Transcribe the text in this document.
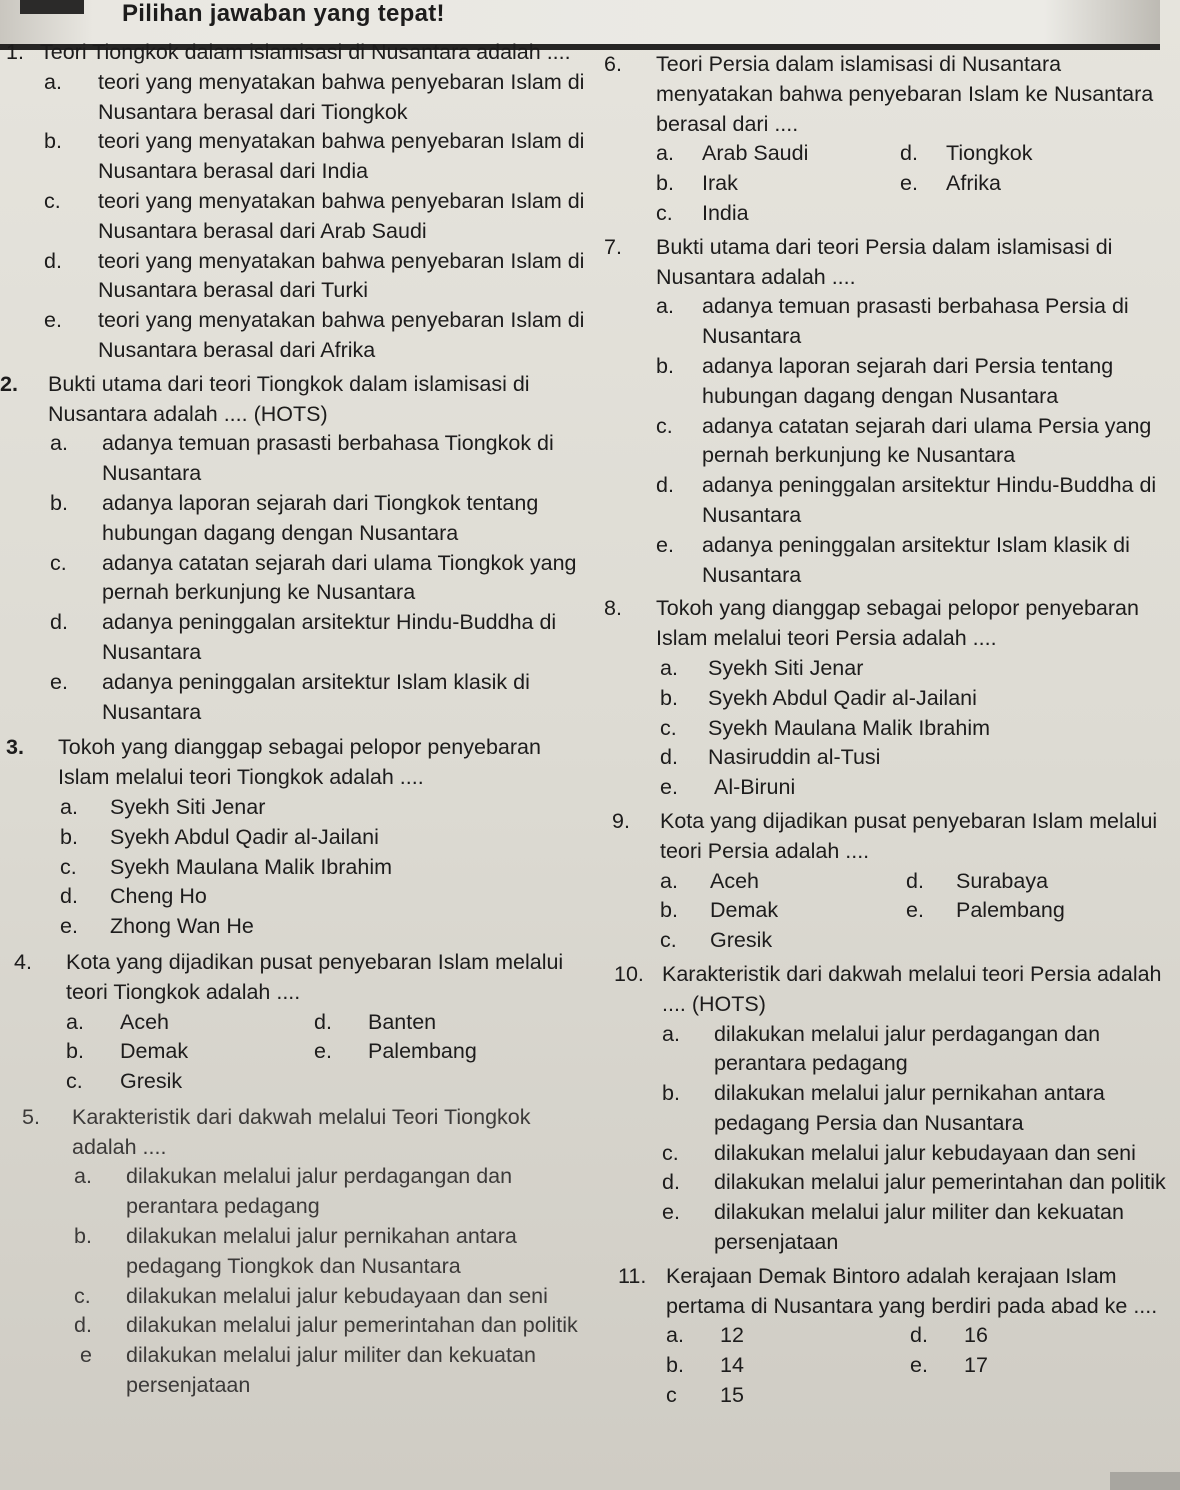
Pilihan jawaban yang tepat!
1. Teori Tiongkok dalam islamisasi di Nusantara adalah ....
a. teori yang menyatakan bahwa penyebaran Islam di Nusantara berasal dari Tiongkok
b. teori yang menyatakan bahwa penyebaran Islam di Nusantara berasal dari India
c. teori yang menyatakan bahwa penyebaran Islam di Nusantara berasal dari Arab Saudi
d. teori yang menyatakan bahwa penyebaran Islam di Nusantara berasal dari Turki
e. teori yang menyatakan bahwa penyebaran Islam di Nusantara berasal dari Afrika
2.	Bukti utama dari teori Tiongkok dalam islamisasi di Nusantara adalah .... (HOTS)
a. adanya temuan prasasti berbahasa Tiongkok di Nusantara
b. adanya laporan sejarah dari Tiongkok tentang hubungan dagang dengan Nusantara
c. adanya catatan sejarah dari ulama Tiongkok yang pernah berkunjung ke Nusantara
d. adanya peninggalan arsitektur Hindu-Buddha di Nusantara
e. adanya peninggalan arsitektur Islam klasik di Nusantara
3.	Tokoh yang dianggap sebagai pelopor penyebaran Islam melalui teori Tiongkok adalah ....
a. Syekh Siti Jenar
b. Syekh Abdul Qadir al-Jailani
c. Syekh Maulana Malik Ibrahim
d. Cheng Ho
e. Zhong Wan He
4.	Kota yang dijadikan pusat penyebaran Islam melalui teori Tiongkok adalah ....
a. Aceh	d. Banten
b. Demak	e. Palembang
c. Gresik
5.	Karakteristik dari dakwah melalui Teori Tiongkok adalah ....
a. dilakukan melalui jalur perdagangan dan perantara pedagang
b. dilakukan melalui jalur pernikahan antara pedagang Tiongkok dan Nusantara
c. dilakukan melalui jalur kebudayaan dan seni
d. dilakukan melalui jalur pemerintahan dan politik
e dilakukan melalui jalur militer dan kekuatan persenjataan
6.	Teori Persia dalam islamisasi di Nusantara menyatakan bahwa penyebaran Islam ke Nusantara berasal dari ....
a. Arab Saudi	d. Tiongkok
b. Irak	e. Afrika
c. India
7.	Bukti utama dari teori Persia dalam islamisasi di Nusantara adalah ....
a. adanya temuan prasasti berbahasa Persia di Nusantara
b. adanya laporan sejarah dari Persia tentang hubungan dagang dengan Nusantara
c. adanya catatan sejarah dari ulama Persia yang pernah berkunjung ke Nusantara
d. adanya peninggalan arsitektur Hindu-Buddha di Nusantara
e. adanya peninggalan arsitektur Islam klasik di Nusantara
8.	Tokoh yang dianggap sebagai pelopor penyebaran Islam melalui teori Persia adalah ....
a. Syekh Siti Jenar
b. Syekh Abdul Qadir al-Jailani
c. Syekh Maulana Malik Ibrahim
d. Nasiruddin al-Tusi
e. Al-Biruni
9.	Kota yang dijadikan pusat penyebaran Islam melalui teori Persia adalah ....
a. Aceh	d. Surabaya
b. Demak	e. Palembang
c. Gresik
10. Karakteristik dari dakwah melalui teori Persia adalah .... (HOTS)
a. dilakukan melalui jalur perdagangan dan perantara pedagang
b. dilakukan melalui jalur pernikahan antara pedagang Persia dan Nusantara
c. dilakukan melalui jalur kebudayaan dan seni
d. dilakukan melalui jalur pemerintahan dan politik
e. dilakukan melalui jalur militer dan kekuatan persenjataan
11. Kerajaan Demak Bintoro adalah kerajaan Islam pertama di Nusantara yang berdiri pada abad ke ....
a. 12	d. 16
b. 14	e. 17
c 15
